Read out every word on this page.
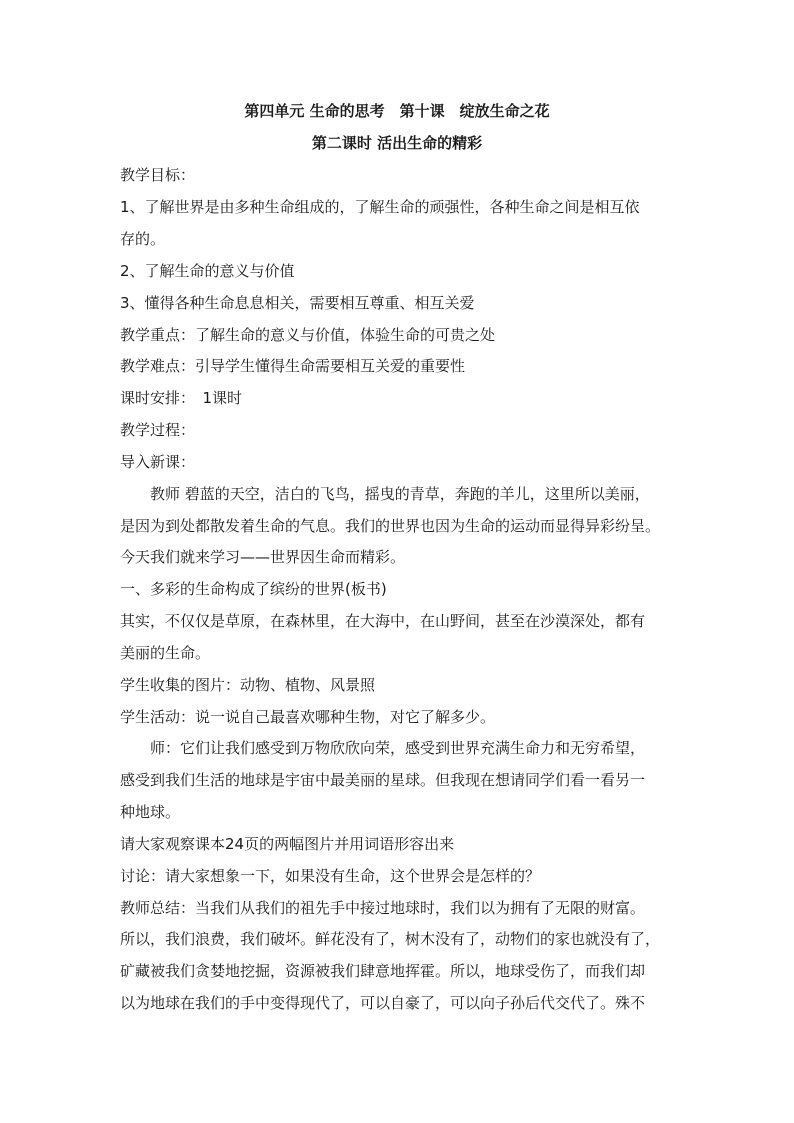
第四单元 生命的思考　第十课　绽放生命之花
第二课时 活出生命的精彩
教学目标：
1、了解世界是由多种生命组成的，了解生命的顽强性，各种生命之间是相互依
存的。
2、了解生命的意义与价值
3、懂得各种生命息息相关，需要相互尊重、相互关爱
教学重点：了解生命的意义与价值，体验生命的可贵之处
教学难点：引导学生懂得生命需要相互关爱的重要性
课时安排：　1课时
教学过程：
导入新课：
教师 碧蓝的天空，洁白的飞鸟，摇曳的青草，奔跑的羊儿，这里所以美丽，
是因为到处都散发着生命的气息。我们的世界也因为生命的运动而显得异彩纷呈。
今天我们就来学习——世界因生命而精彩。
一、多彩的生命构成了缤纷的世界(板书)
其实，不仅仅是草原，在森林里，在大海中，在山野间，甚至在沙漠深处，都有
美丽的生命。
学生收集的图片：动物、植物、风景照
学生活动：说一说自己最喜欢哪种生物，对它了解多少。
师：它们让我们感受到万物欣欣向荣，感受到世界充满生命力和无穷希望，
感受到我们生活的地球是宇宙中最美丽的星球。但我现在想请同学们看一看另一
种地球。
请大家观察课本24页的两幅图片并用词语形容出来
讨论：请大家想象一下，如果没有生命，这个世界会是怎样的？
教师总结：当我们从我们的祖先手中接过地球时，我们以为拥有了无限的财富。
所以，我们浪费，我们破坏。鲜花没有了，树木没有了，动物们的家也就没有了，
矿藏被我们贪婪地挖掘，资源被我们肆意地挥霍。所以，地球受伤了，而我们却
以为地球在我们的手中变得现代了，可以自豪了，可以向子孙后代交代了。殊不
